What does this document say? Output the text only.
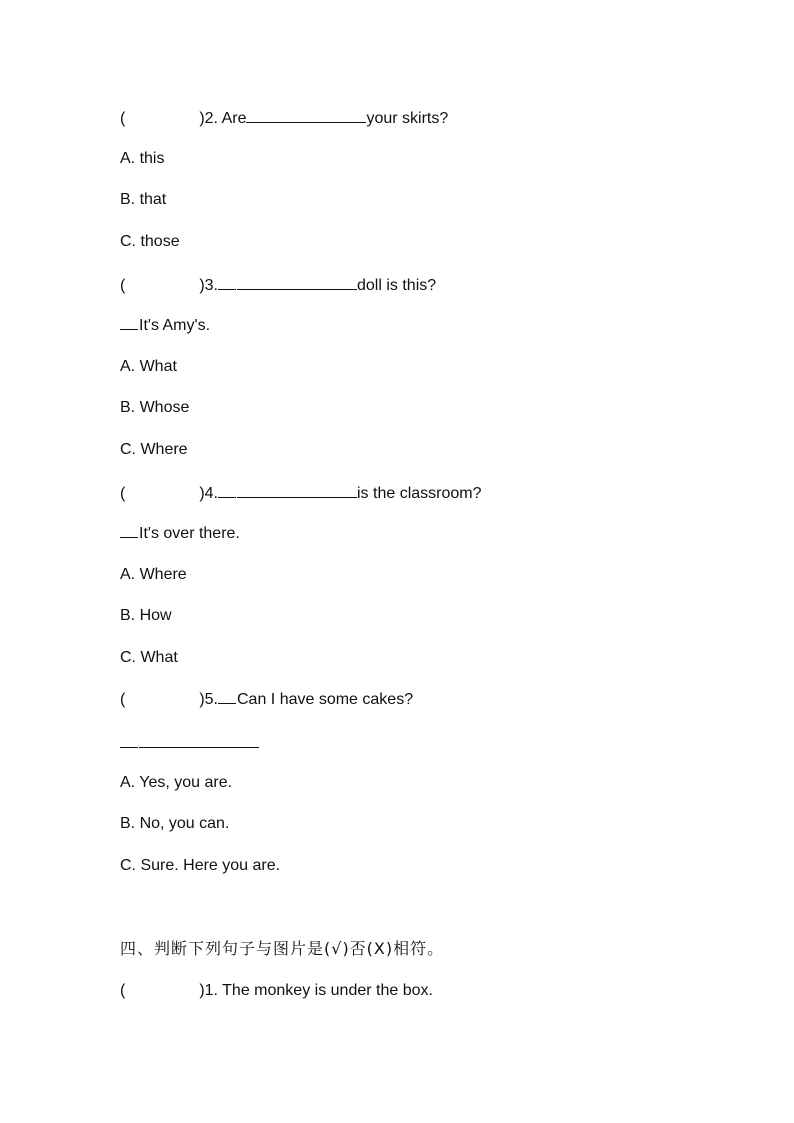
(	)2. Are	your skirts?
A. this
B. that
C. those
(	)3.	doll is this?
It's Amy's.
A. What
B. Whose
C. Where
(	)4.	is the classroom?
It's over there.
A. Where
B. How
C. What
(	)5. Can I have some cakes?
A. Yes, you are.
B. No, you can.
C. Sure. Here you are.
四、判断下列句子与图片是(√)否(X)相符。
(	)1. The monkey is under the box.
